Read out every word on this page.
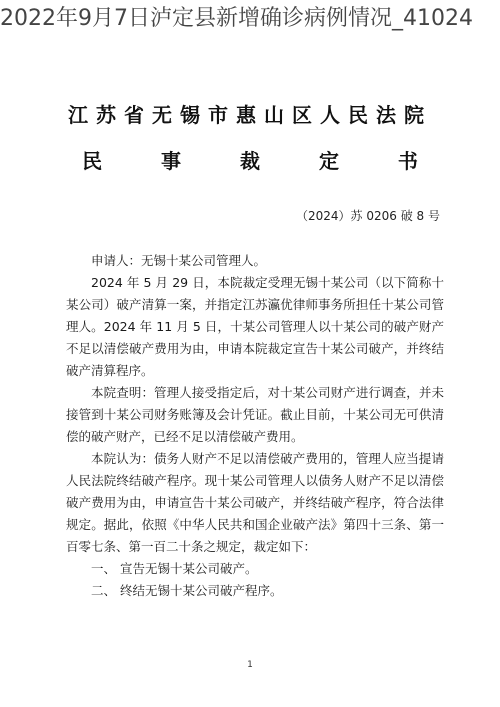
2022年9月7日泸定县新增确诊病例情况_41024
江苏省无锡市惠山区人民法院
民 事 裁 定 书
（2024）苏 0206 破 8 号

申请人：无锡十某公司管理人。

2024 年 5 月 29 日，本院裁定受理无锡十某公司（以下简称十某公司）破产清算一案，并指定江苏瀛优律师事务所担任十某公司管理人。2024 年 11 月 5 日，十某公司管理人以十某公司的破产财产不足以清偿破产费用为由，申请本院裁定宣告十某公司破产，并终结破产清算程序。

本院查明：管理人接受指定后，对十某公司财产进行调查，并未接管到十某公司财务账簿及会计凭证。截止目前，十某公司无可供清偿的破产财产，已经不足以清偿破产费用。

本院认为：债务人财产不足以清偿破产费用的，管理人应当提请人民法院终结破产程序。现十某公司管理人以债务人财产不足以清偿破产费用为由，申请宣告十某公司破产，并终结破产程序，符合法律规定。据此，依照《中华人民共和国企业破产法》第四十三条、第一百零七条、第一百二十条之规定，裁定如下：

一、 宣告无锡十某公司破产。

二、 终结无锡十某公司破产程序。

1
